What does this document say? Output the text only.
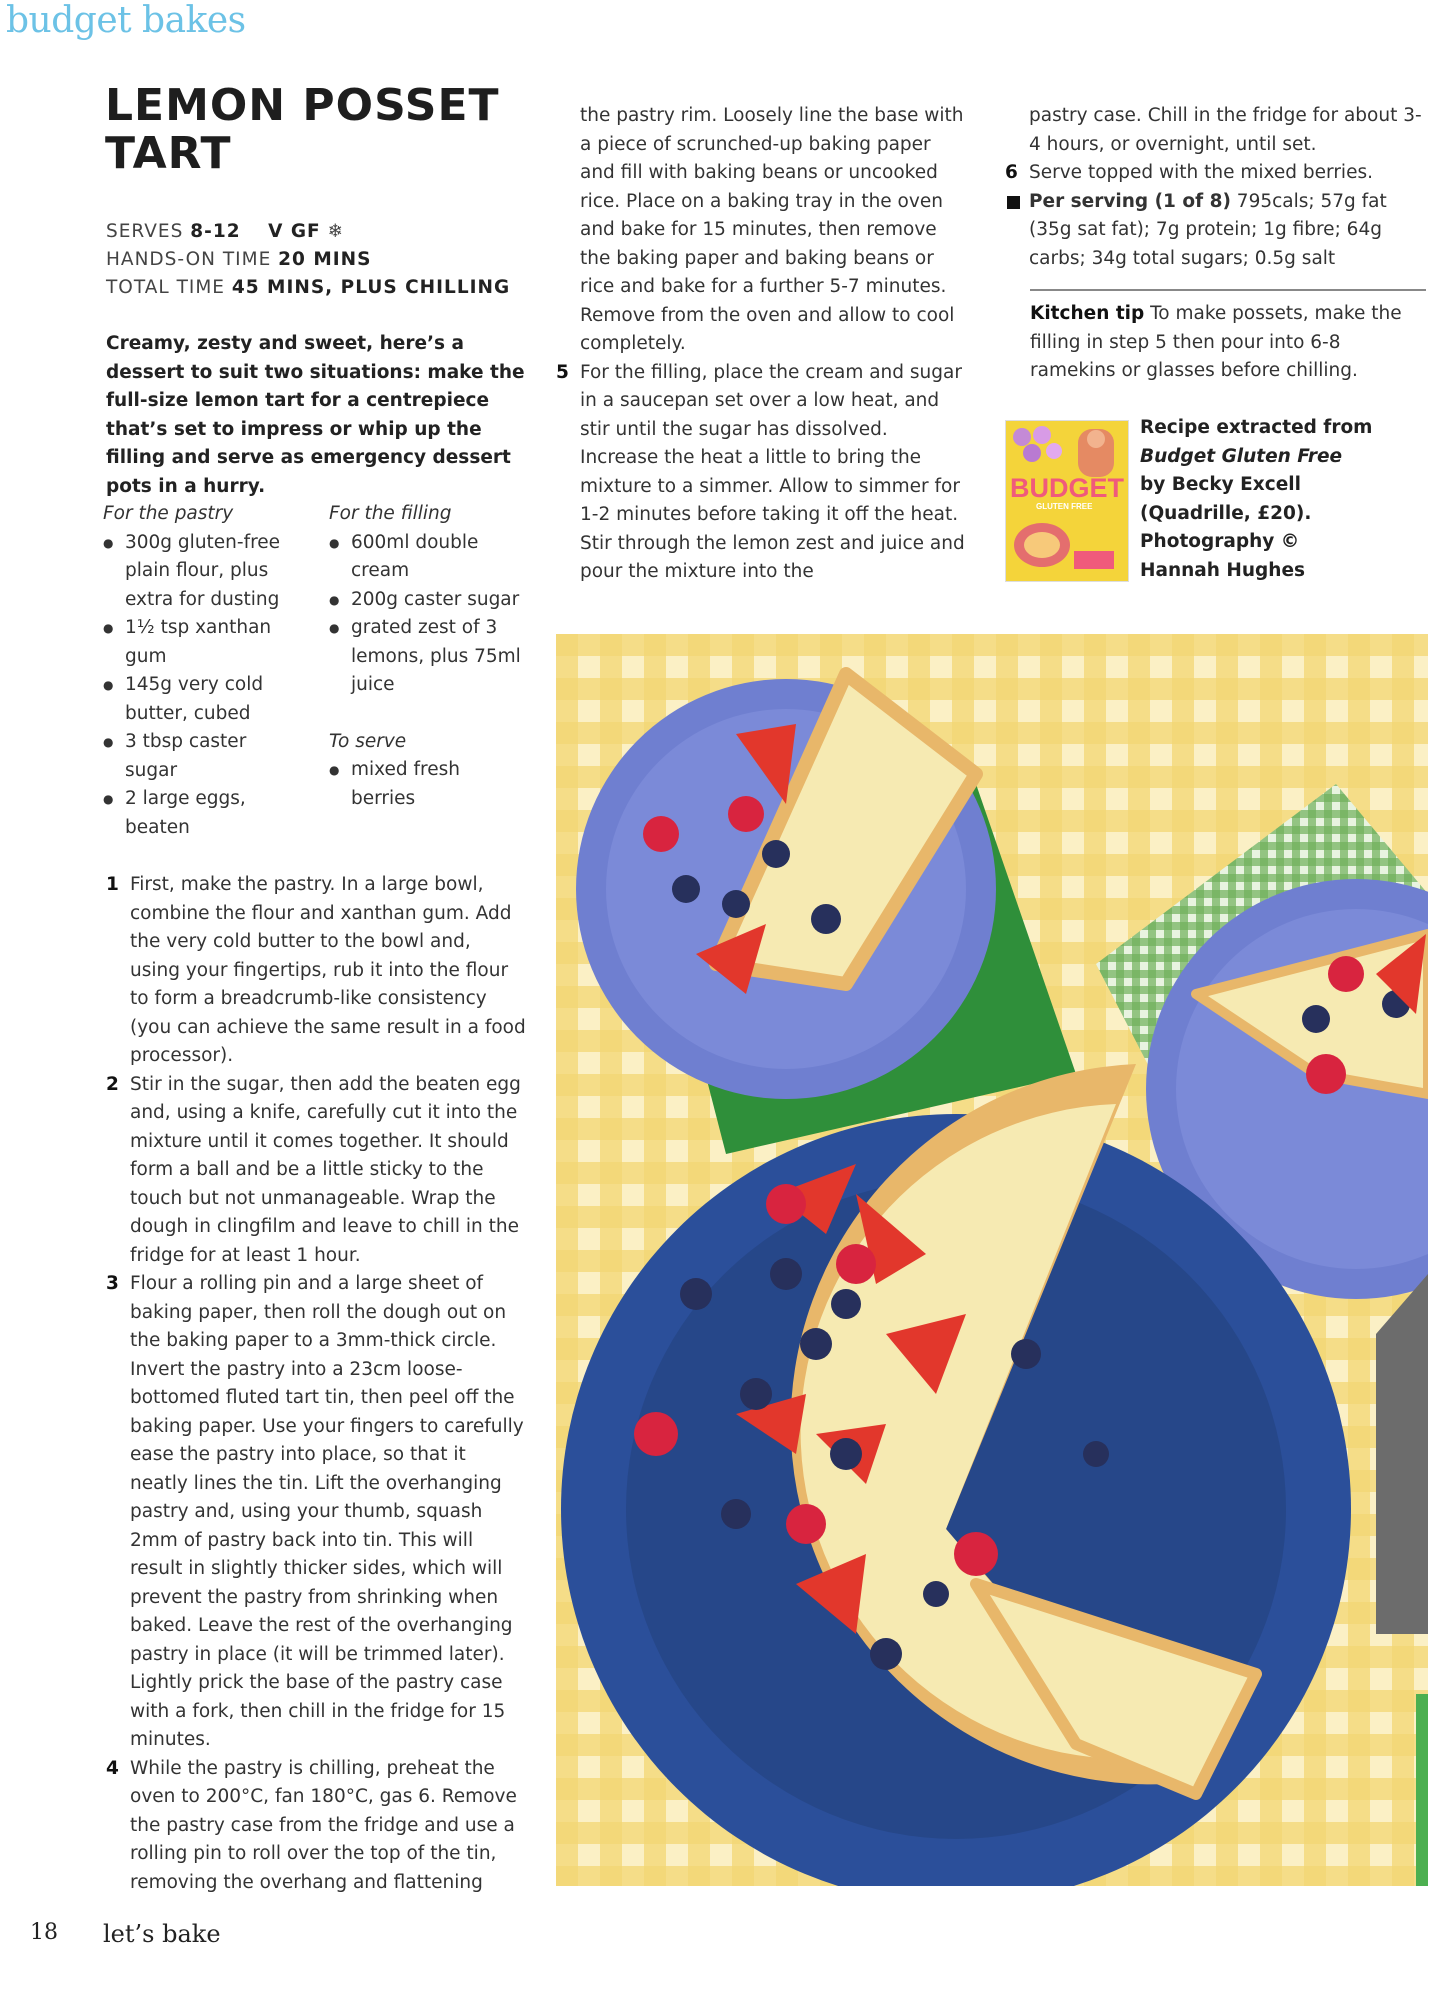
budget bakes
LEMON POSSET
TART
SERVES 8-12 V GF ❄
HANDS-ON TIME 20 MINS
TOTAL TIME 45 MINS, PLUS CHILLING
Creamy, zesty and sweet, here’s a dessert to suit two situations: make the full-size lemon tart for a centrepiece that’s set to impress or whip up the filling and serve as emergency dessert pots in a hurry.
For the pastry
● 300g gluten-free plain flour, plus extra for dusting
● 1½ tsp xanthan gum
● 145g very cold butter, cubed
● 3 tbsp caster sugar
● 2 large eggs, beaten
For the filling
● 600ml double cream
● 200g caster sugar
● grated zest of 3 lemons, plus 75ml juice
To serve
● mixed fresh berries
1 First, make the pastry. In a large bowl, combine the flour and xanthan gum. Add the very cold butter to the bowl and, using your fingertips, rub it into the flour to form a breadcrumb-like consistency (you can achieve the same result in a food processor).
2 Stir in the sugar, then add the beaten egg and, using a knife, carefully cut it into the mixture until it comes together. It should form a ball and be a little sticky to the touch but not unmanageable. Wrap the dough in clingfilm and leave to chill in the fridge for at least 1 hour.
3 Flour a rolling pin and a large sheet of baking paper, then roll the dough out on the baking paper to a 3mm-thick circle. Invert the pastry into a 23cm loose-bottomed fluted tart tin, then peel off the baking paper. Use your fingers to carefully ease the pastry into place, so that it neatly lines the tin. Lift the overhanging pastry and, using your thumb, squash 2mm of pastry back into tin. This will result in slightly thicker sides, which will prevent the pastry from shrinking when baked. Leave the rest of the overhanging pastry in place (it will be trimmed later). Lightly prick the base of the pastry case with a fork, then chill in the fridge for 15 minutes.
4 While the pastry is chilling, preheat the oven to 200°C, fan 180°C, gas 6. Remove the pastry case from the fridge and use a rolling pin to roll over the top of the tin, removing the overhang and flattening
the pastry rim. Loosely line the base with a piece of scrunched-up baking paper and fill with baking beans or uncooked rice. Place on a baking tray in the oven and bake for 15 minutes, then remove the baking paper and baking beans or rice and bake for a further 5-7 minutes. Remove from the oven and allow to cool completely.
5 For the filling, place the cream and sugar in a saucepan set over a low heat, and stir until the sugar has dissolved. Increase the heat a little to bring the mixture to a simmer. Allow to simmer for 1-2 minutes before taking it off the heat. Stir through the lemon zest and juice and pour the mixture into the
pastry case. Chill in the fridge for about 3-4 hours, or overnight, until set.
6 Serve topped with the mixed berries.
Per serving (1 of 8) 795cals; 57g fat (35g sat fat); 7g protein; 1g fibre; 64g carbs; 34g total sugars; 0.5g salt
Kitchen tip To make possets, make the filling in step 5 then pour into 6-8 ramekins or glasses before chilling.
BUDGET
GLUTEN FREE
Recipe extracted from
Budget Gluten Free
by Becky Excell
(Quadrille, £20).
Photography ©
Hannah Hughes
18 let’s bake
